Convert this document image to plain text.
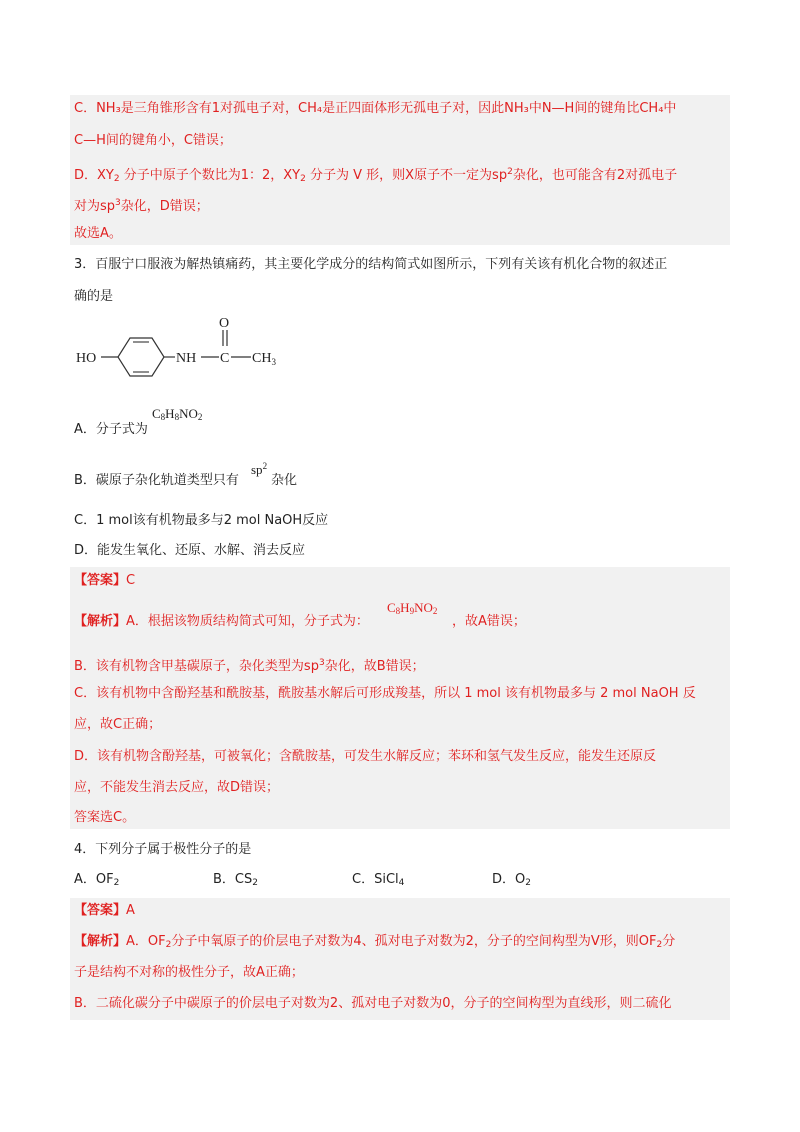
C．NH₃是三角锥形含有1对孤电子对，CH₄是正四面体形无孤电子对，因此NH₃中N—H间的键角比CH₄中
C—H间的键角小，C错误；
D．$XY_2$ 分子中原子个数比为1：2，$XY_2$ 分子为 V 形，则X原子不一定为$sp^2$杂化，也可能含有2对孤电子
对为$sp^3$杂化，D错误；
故选A。
3．百服宁口服液为解热镇痛药，其主要化学成分的结构简式如图所示，下列有关该有机化合物的叙述正
确的是
HO	NH C
O
$CH_3$
A．分子式为
$C_8H_8NO_2$
B．碳原子杂化轨道类型只有
$sp^2$
杂化
C．1 mol该有机物最多与2 mol NaOH反应
D．能发生氧化、还原、水解、消去反应
【答案】C
【解析】A．根据该物质结构简式可知，分子式为：
$C_8H_9NO_2$
，故A错误；
B．该有机物含甲基碳原子，杂化类型为$sp^3$杂化，故B错误；
C．该有机物中含酚羟基和酰胺基，酰胺基水解后可形成羧基，所以 1 mol 该有机物最多与 2 mol NaOH 反
应，故C正确；
D．该有机物含酚羟基，可被氧化；含酰胺基，可发生水解反应；苯环和氢气发生反应，能发生还原反
应，不能发生消去反应，故D错误；
答案选C。
4．下列分子属于极性分子的是
A．$OF_2$	B．$CS_2$	C．SiCl$_4$	D．$O_2$
【答案】A
【解析】A．$OF_2$分子中氧原子的价层电子对数为4、孤对电子对数为2，分子的空间构型为V形，则$OF_2$分
子是结构不对称的极性分子，故A正确；
B．二硫化碳分子中碳原子的价层电子对数为2、孤对电子对数为0，分子的空间构型为直线形，则二硫化
